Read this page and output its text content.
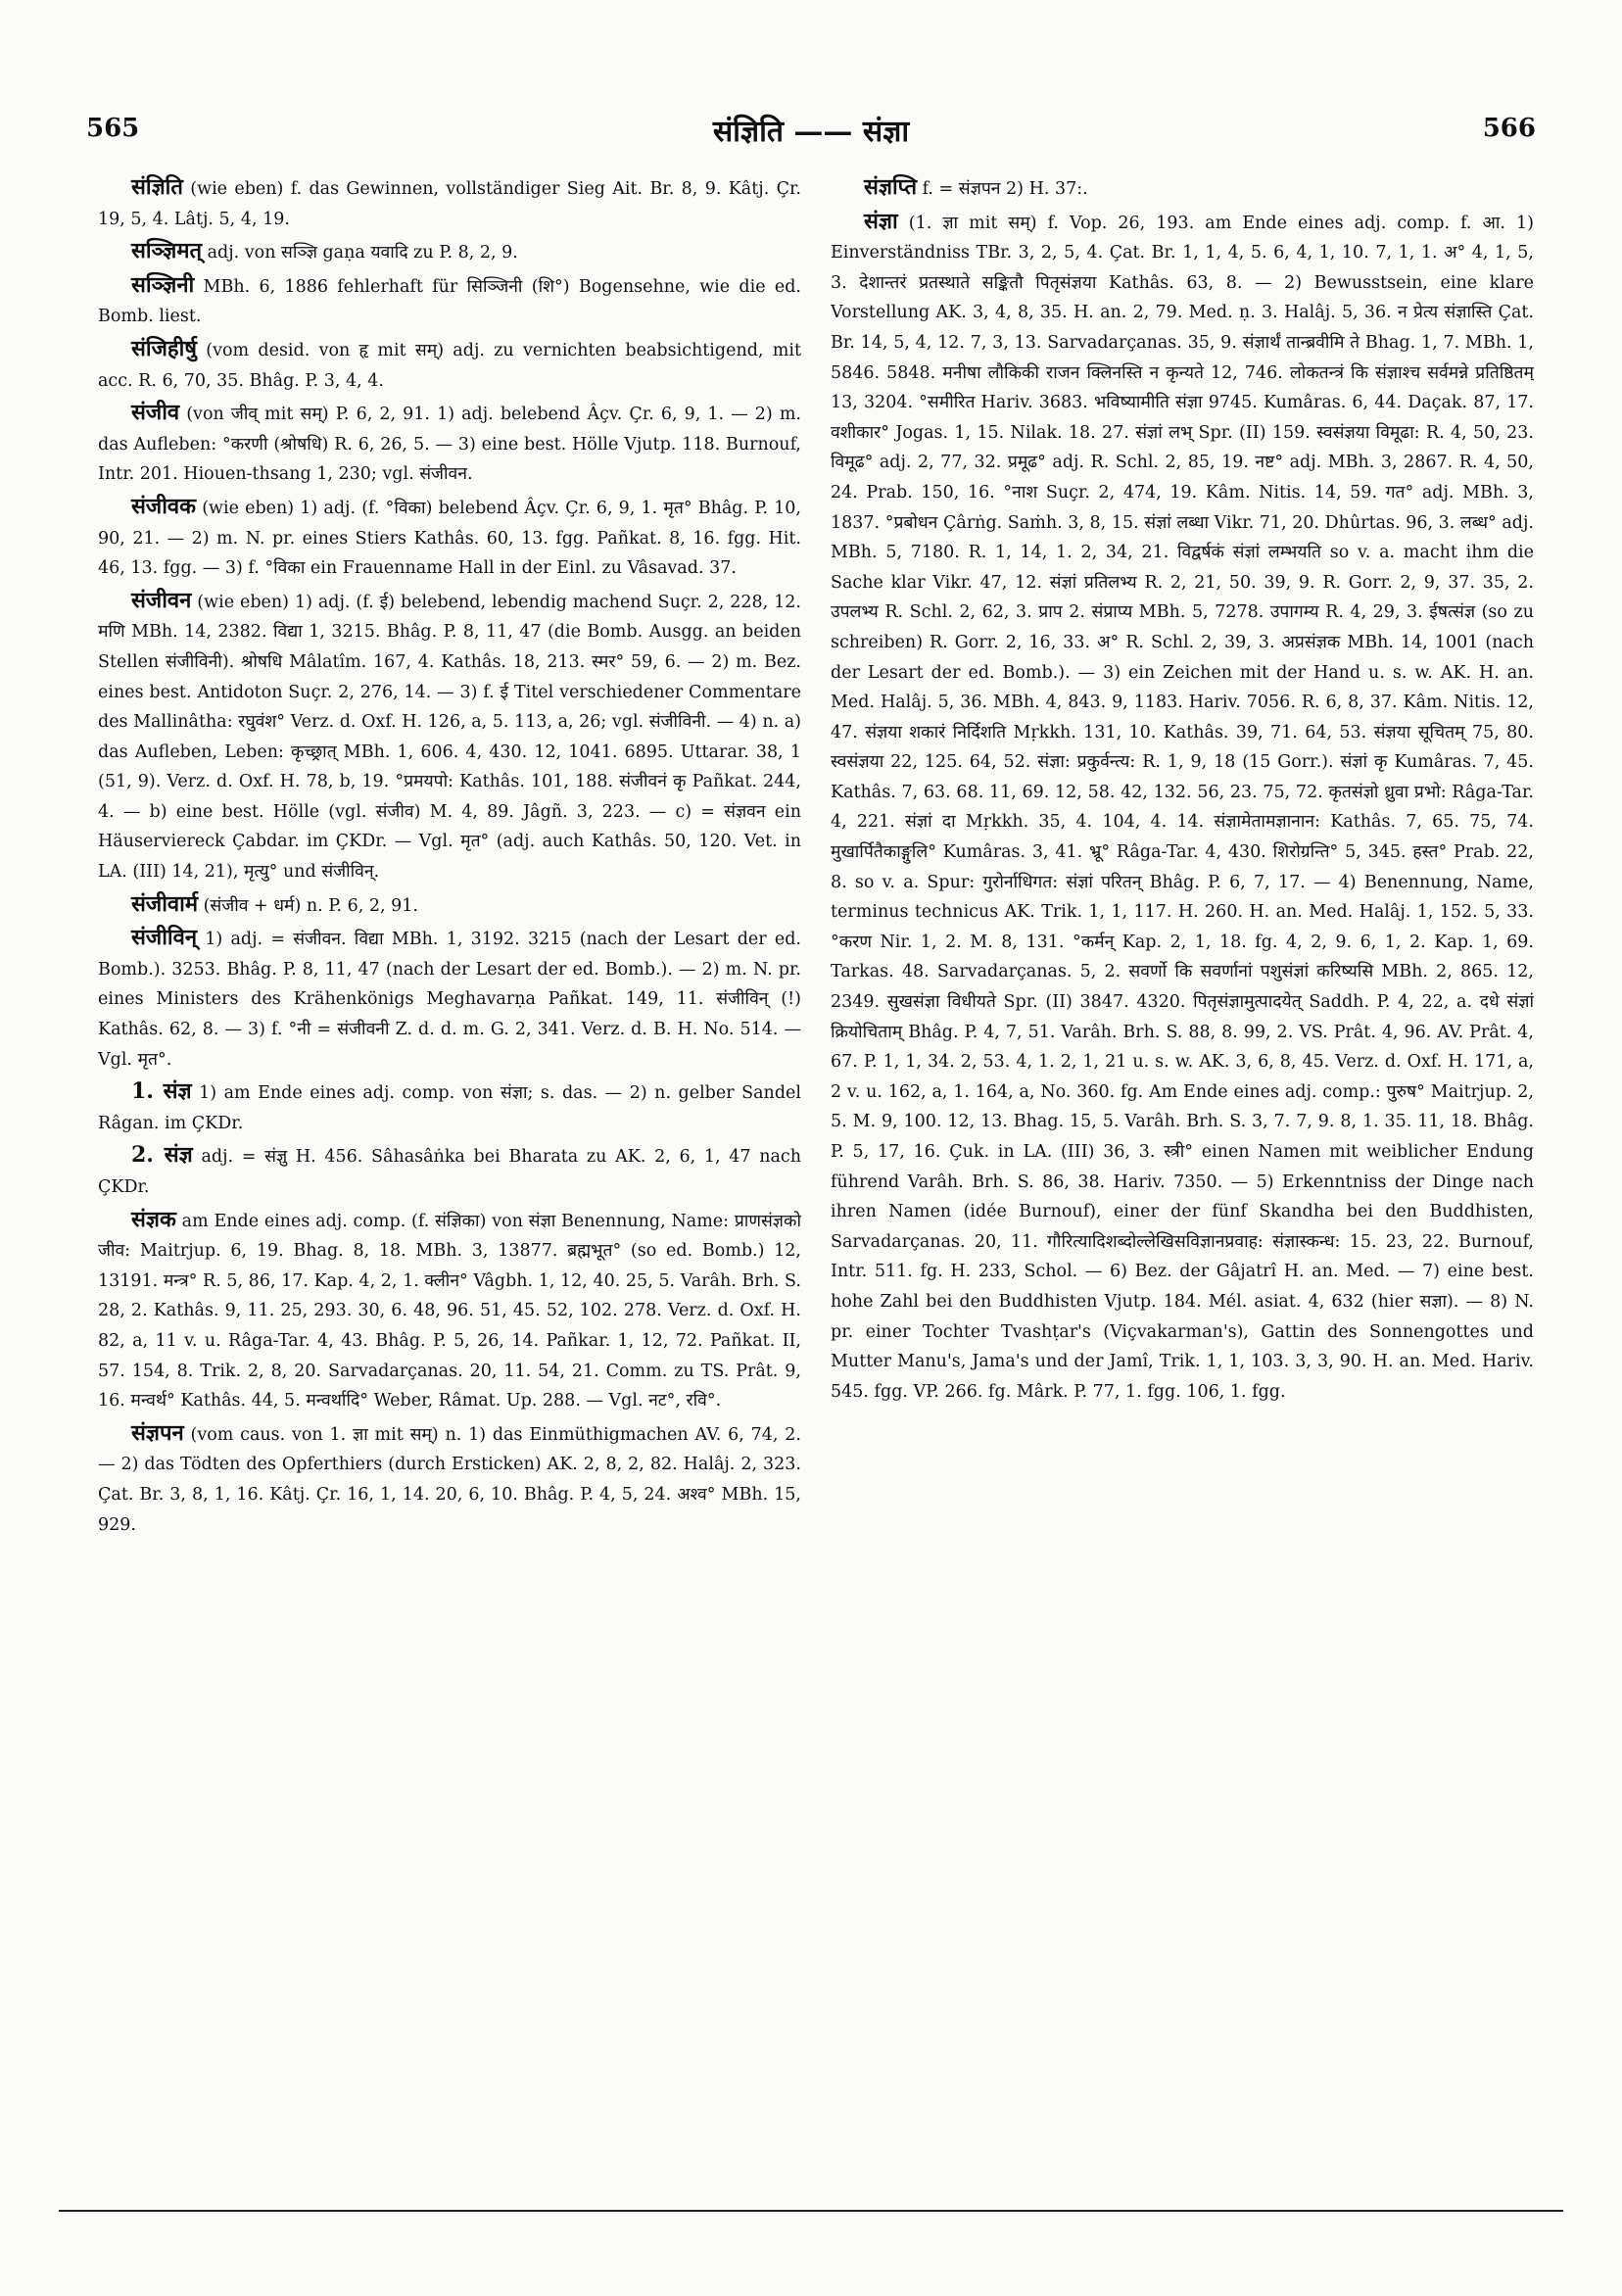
565	संज्ञिति —— संज्ञा	566

संज्ञिति (wie eben) f. das Gewinnen, vollständiger Sieg Ait. Br. 8, 9. Kâtj. Çr. 19, 5, 4. Lâtj. 5, 4, 19.

सञ्ज्ञिमत् adj. von सञ्ज्ञि gaṇa यवादि zu P. 8, 2, 9.

सञ्ज्ञिनी MBh. 6, 1886 fehlerhaft für सिञ्जिनी (शि°) Bogensehne, wie die ed. Bomb. liest.

संजिहीर्षु (vom desid. von हृ mit सम्) adj. zu vernichten beabsichtigend, mit acc. R. 6, 70, 35. Bhâg. P. 3, 4, 4.

संजीव (von जीव् mit सम्) P. 6, 2, 91. 1) adj. belebend Âçv. Çr. 6, 9, 1. — 2) m. das Aufleben: °करणी (श्रोषधि) R. 6, 26, 5. — 3) eine best. Hölle Vjutp. 118. Burnouf, Intr. 201. Hiouen-thsang 1, 230; vgl. संजीवन.

संजीवक (wie eben) 1) adj. (f. °विका) belebend Âçv. Çr. 6, 9, 1. मृत° Bhâg. P. 10, 90, 21. — 2) m. N. pr. eines Stiers Kathâs. 60, 13. fgg. Pañkat. 8, 16. fgg. Hit. 46, 13. fgg. — 3) f. °विका ein Frauenname Hall in der Einl. zu Vâsavad. 37.

संजीवन (wie eben) 1) adj. (f. ई) belebend, lebendig machend Suçr. 2, 228, 12. मणि MBh. 14, 2382. विद्या 1, 3215. Bhâg. P. 8, 11, 47 (die Bomb. Ausgg. an beiden Stellen संजीविनी). श्रोषधि Mâlatîm. 167, 4. Kathâs. 18, 213. स्मर° 59, 6. — 2) m. Bez. eines best. Antidoton Suçr. 2, 276, 14. — 3) f. ई Titel verschiedener Commentare des Mallinâtha: रघुवंश° Verz. d. Oxf. H. 126, a, 5. 113, a, 26; vgl. संजीविनी. — 4) n. a) das Aufleben, Leben: कृच्छ्रात् MBh. 1, 606. 4, 430. 12, 1041. 6895. Uttarar. 38, 1 (51, 9). Verz. d. Oxf. H. 78, b, 19. °प्रमयपो: Kathâs. 101, 188. संजीवनं कृ Pañkat. 244, 4. — b) eine best. Hölle (vgl. संजीव) M. 4, 89. Jâgñ. 3, 223. — c) = संज्ञवन ein Häuserviereck Çabdar. im ÇKDr. — Vgl. मृत° (adj. auch Kathâs. 50, 120. Vet. in LA. (III) 14, 21), मृत्यु° und संजीविन्.

संजीवार्म (संजीव + धर्म) n. P. 6, 2, 91.

संजीविन् 1) adj. = संजीवन. विद्या MBh. 1, 3192. 3215 (nach der Lesart der ed. Bomb.). 3253. Bhâg. P. 8, 11, 47 (nach der Lesart der ed. Bomb.). — 2) m. N. pr. eines Ministers des Krähenkönigs Meghavarṇa Pañkat. 149, 11. संजीविन् (!) Kathâs. 62, 8. — 3) f. °नी = संजीवनी Z. d. d. m. G. 2, 341. Verz. d. B. H. No. 514. — Vgl. मृत°.

1. संज्ञ 1) am Ende eines adj. comp. von संज्ञा; s. das. — 2) n. gelber Sandel Râgan. im ÇKDr.

2. संज्ञ adj. = संज्ञु H. 456. Sâhasâṅka bei Bharata zu AK. 2, 6, 1, 47 nach ÇKDr.

संज्ञक am Ende eines adj. comp. (f. संज्ञिका) von संज्ञा Benennung, Name: प्राणसंज्ञको जीव: Maitrjup. 6, 19. Bhag. 8, 18. MBh. 3, 13877. ब्रह्मभूत° (so ed. Bomb.) 12, 13191. मन्त्र° R. 5, 86, 17. Kap. 4, 2, 1. क्लीन° Vâgbh. 1, 12, 40. 25, 5. Varâh. Brh. S. 28, 2. Kathâs. 9, 11. 25, 293. 30, 6. 48, 96. 51, 45. 52, 102. 278. Verz. d. Oxf. H. 82, a, 11 v. u. Râga-Tar. 4, 43. Bhâg. P. 5, 26, 14. Pañkar. 1, 12, 72. Pañkat. II, 57. 154, 8. Trik. 2, 8, 20. Sarvadarçanas. 20, 11. 54, 21. Comm. zu TS. Prât. 9, 16. मन्वर्थ° Kathâs. 44, 5. मन्वर्थादि° Weber, Râmat. Up. 288. — Vgl. नट°, रवि°.

संज्ञपन (vom caus. von 1. ज्ञा mit सम्) n. 1) das Einmüthigmachen AV. 6, 74, 2. — 2) das Tödten des Opferthiers (durch Ersticken) AK. 2, 8, 2, 82. Halâj. 2, 323. Çat. Br. 3, 8, 1, 16. Kâtj. Çr. 16, 1, 14. 20, 6, 10. Bhâg. P. 4, 5, 24. अश्व° MBh. 15, 929.

संज्ञप्ति f. = संज्ञपन 2) H. 37:.

संज्ञा (1. ज्ञा mit सम्) f. Vop. 26, 193. am Ende eines adj. comp. f. आ. 1) Einverständniss TBr. 3, 2, 5, 4. Çat. Br. 1, 1, 4, 5. 6, 4, 1, 10. 7, 1, 1. अ° 4, 1, 5, 3. देशान्तरं प्रतस्थाते सङ्कितौ पितृसंज्ञया Kathâs. 63, 8. — 2) Bewusstsein, eine klare Vorstellung AK. 3, 4, 8, 35. H. an. 2, 79. Med. ṇ. 3. Halâj. 5, 36. न प्रेत्य संज्ञास्ति Çat. Br. 14, 5, 4, 12. 7, 3, 13. Sarvadarçanas. 35, 9. संज्ञार्थं तान्ब्रवीमि ते Bhag. 1, 7. MBh. 1, 5846. 5848. मनीषा लौकिकी राजन क्लिनस्ति न कृन्यते 12, 746. लोकतन्त्रं कि संज्ञाश्च सर्वमन्ने प्रतिष्ठितम् 13, 3204. °समीरित Hariv. 3683. भविष्यामीति संज्ञा 9745. Kumâras. 6, 44. Daçak. 87, 17. वशीकार° Jogas. 1, 15. Nilak. 18. 27. संज्ञां लभ् Spr. (II) 159. स्वसंज्ञया विमूढा: R. 4, 50, 23. विमूढ° adj. 2, 77, 32. प्रमूढ° adj. R. Schl. 2, 85, 19. नष्ट° adj. MBh. 3, 2867. R. 4, 50, 24. Prab. 150, 16. °नाश Suçr. 2, 474, 19. Kâm. Nitis. 14, 59. गत° adj. MBh. 3, 1837. °प्रबोधन Çârṅg. Saṁh. 3, 8, 15. संज्ञां लब्धा Vikr. 71, 20. Dhûrtas. 96, 3. लब्ध° adj. MBh. 5, 7180. R. 1, 14, 1. 2, 34, 21. विद्वर्षकं संज्ञां लम्भयति so v. a. macht ihm die Sache klar Vikr. 47, 12. संज्ञां प्रतिलभ्य R. 2, 21, 50. 39, 9. R. Gorr. 2, 9, 37. 35, 2. उपलभ्य R. Schl. 2, 62, 3. प्राप 2. संप्राप्य MBh. 5, 7278. उपागम्य R. 4, 29, 3. ईषत्संज्ञ (so zu schreiben) R. Gorr. 2, 16, 33. अ° R. Schl. 2, 39, 3. अप्रसंज्ञक MBh. 14, 1001 (nach der Lesart der ed. Bomb.). — 3) ein Zeichen mit der Hand u. s. w. AK. H. an. Med. Halâj. 5, 36. MBh. 4, 843. 9, 1183. Hariv. 7056. R. 6, 8, 37. Kâm. Nitis. 12, 47. संज्ञया शकारं निर्दिशति Mṛkkh. 131, 10. Kathâs. 39, 71. 64, 53. संज्ञया सूचितम् 75, 80. स्वसंज्ञया 22, 125. 64, 52. संज्ञा: प्रकुर्वन्त्य: R. 1, 9, 18 (15 Gorr.). संज्ञां कृ Kumâras. 7, 45. Kathâs. 7, 63. 68. 11, 69. 12, 58. 42, 132. 56, 23. 75, 72. कृतसंज्ञो ध्रुवा प्रभो: Râga-Tar. 4, 221. संज्ञां दा Mṛkkh. 35, 4. 104, 4. 14. संज्ञामेतामज्ञानान: Kathâs. 7, 65. 75, 74. मुखार्पितैकाङ्गुलि° Kumâras. 3, 41. भ्रू° Râga-Tar. 4, 430. शिरोग्रन्ति° 5, 345. हस्त° Prab. 22, 8. so v. a. Spur: गुरोर्नाधिगत: संज्ञां परितन् Bhâg. P. 6, 7, 17. — 4) Benennung, Name, terminus technicus AK. Trik. 1, 1, 117. H. 260. H. an. Med. Halâj. 1, 152. 5, 33. °करण Nir. 1, 2. M. 8, 131. °कर्मन् Kap. 2, 1, 18. fg. 4, 2, 9. 6, 1, 2. Kap. 1, 69. Tarkas. 48. Sarvadarçanas. 5, 2. सवर्णो कि सवर्णानां पशुसंज्ञां करिष्यसि MBh. 2, 865. 12, 2349. सुखसंज्ञा विधीयते Spr. (II) 3847. 4320. पितृसंज्ञामुत्पादयेत् Saddh. P. 4, 22, a. दधे संज्ञां क्रियोचिताम् Bhâg. P. 4, 7, 51. Varâh. Brh. S. 88, 8. 99, 2. VS. Prât. 4, 96. AV. Prât. 4, 67. P. 1, 1, 34. 2, 53. 4, 1. 2, 1, 21 u. s. w. AK. 3, 6, 8, 45. Verz. d. Oxf. H. 171, a, 2 v. u. 162, a, 1. 164, a, No. 360. fg. Am Ende eines adj. comp.: पुरुष° Maitrjup. 2, 5. M. 9, 100. 12, 13. Bhag. 15, 5. Varâh. Brh. S. 3, 7. 7, 9. 8, 1. 35. 11, 18. Bhâg. P. 5, 17, 16. Çuk. in LA. (III) 36, 3. स्त्री° einen Namen mit weiblicher Endung führend Varâh. Brh. S. 86, 38. Hariv. 7350. — 5) Erkenntniss der Dinge nach ihren Namen (idée Burnouf), einer der fünf Skandha bei den Buddhisten, Sarvadarçanas. 20, 11. गौरित्यादिशब्दोल्लेखिसविज्ञानप्रवाह: संज्ञास्कन्ध: 15. 23, 22. Burnouf, Intr. 511. fg. H. 233, Schol. — 6) Bez. der Gâjatrî H. an. Med. — 7) eine best. hohe Zahl bei den Buddhisten Vjutp. 184. Mél. asiat. 4, 632 (hier सज्ञा). — 8) N. pr. einer Tochter Tvashṭar's (Viçvakarman's), Gattin des Sonnengottes und Mutter Manu's, Jama's und der Jamî, Trik. 1, 1, 103. 3, 3, 90. H. an. Med. Hariv. 545. fgg. VP. 266. fg. Mârk. P. 77, 1. fgg. 106, 1. fgg.
